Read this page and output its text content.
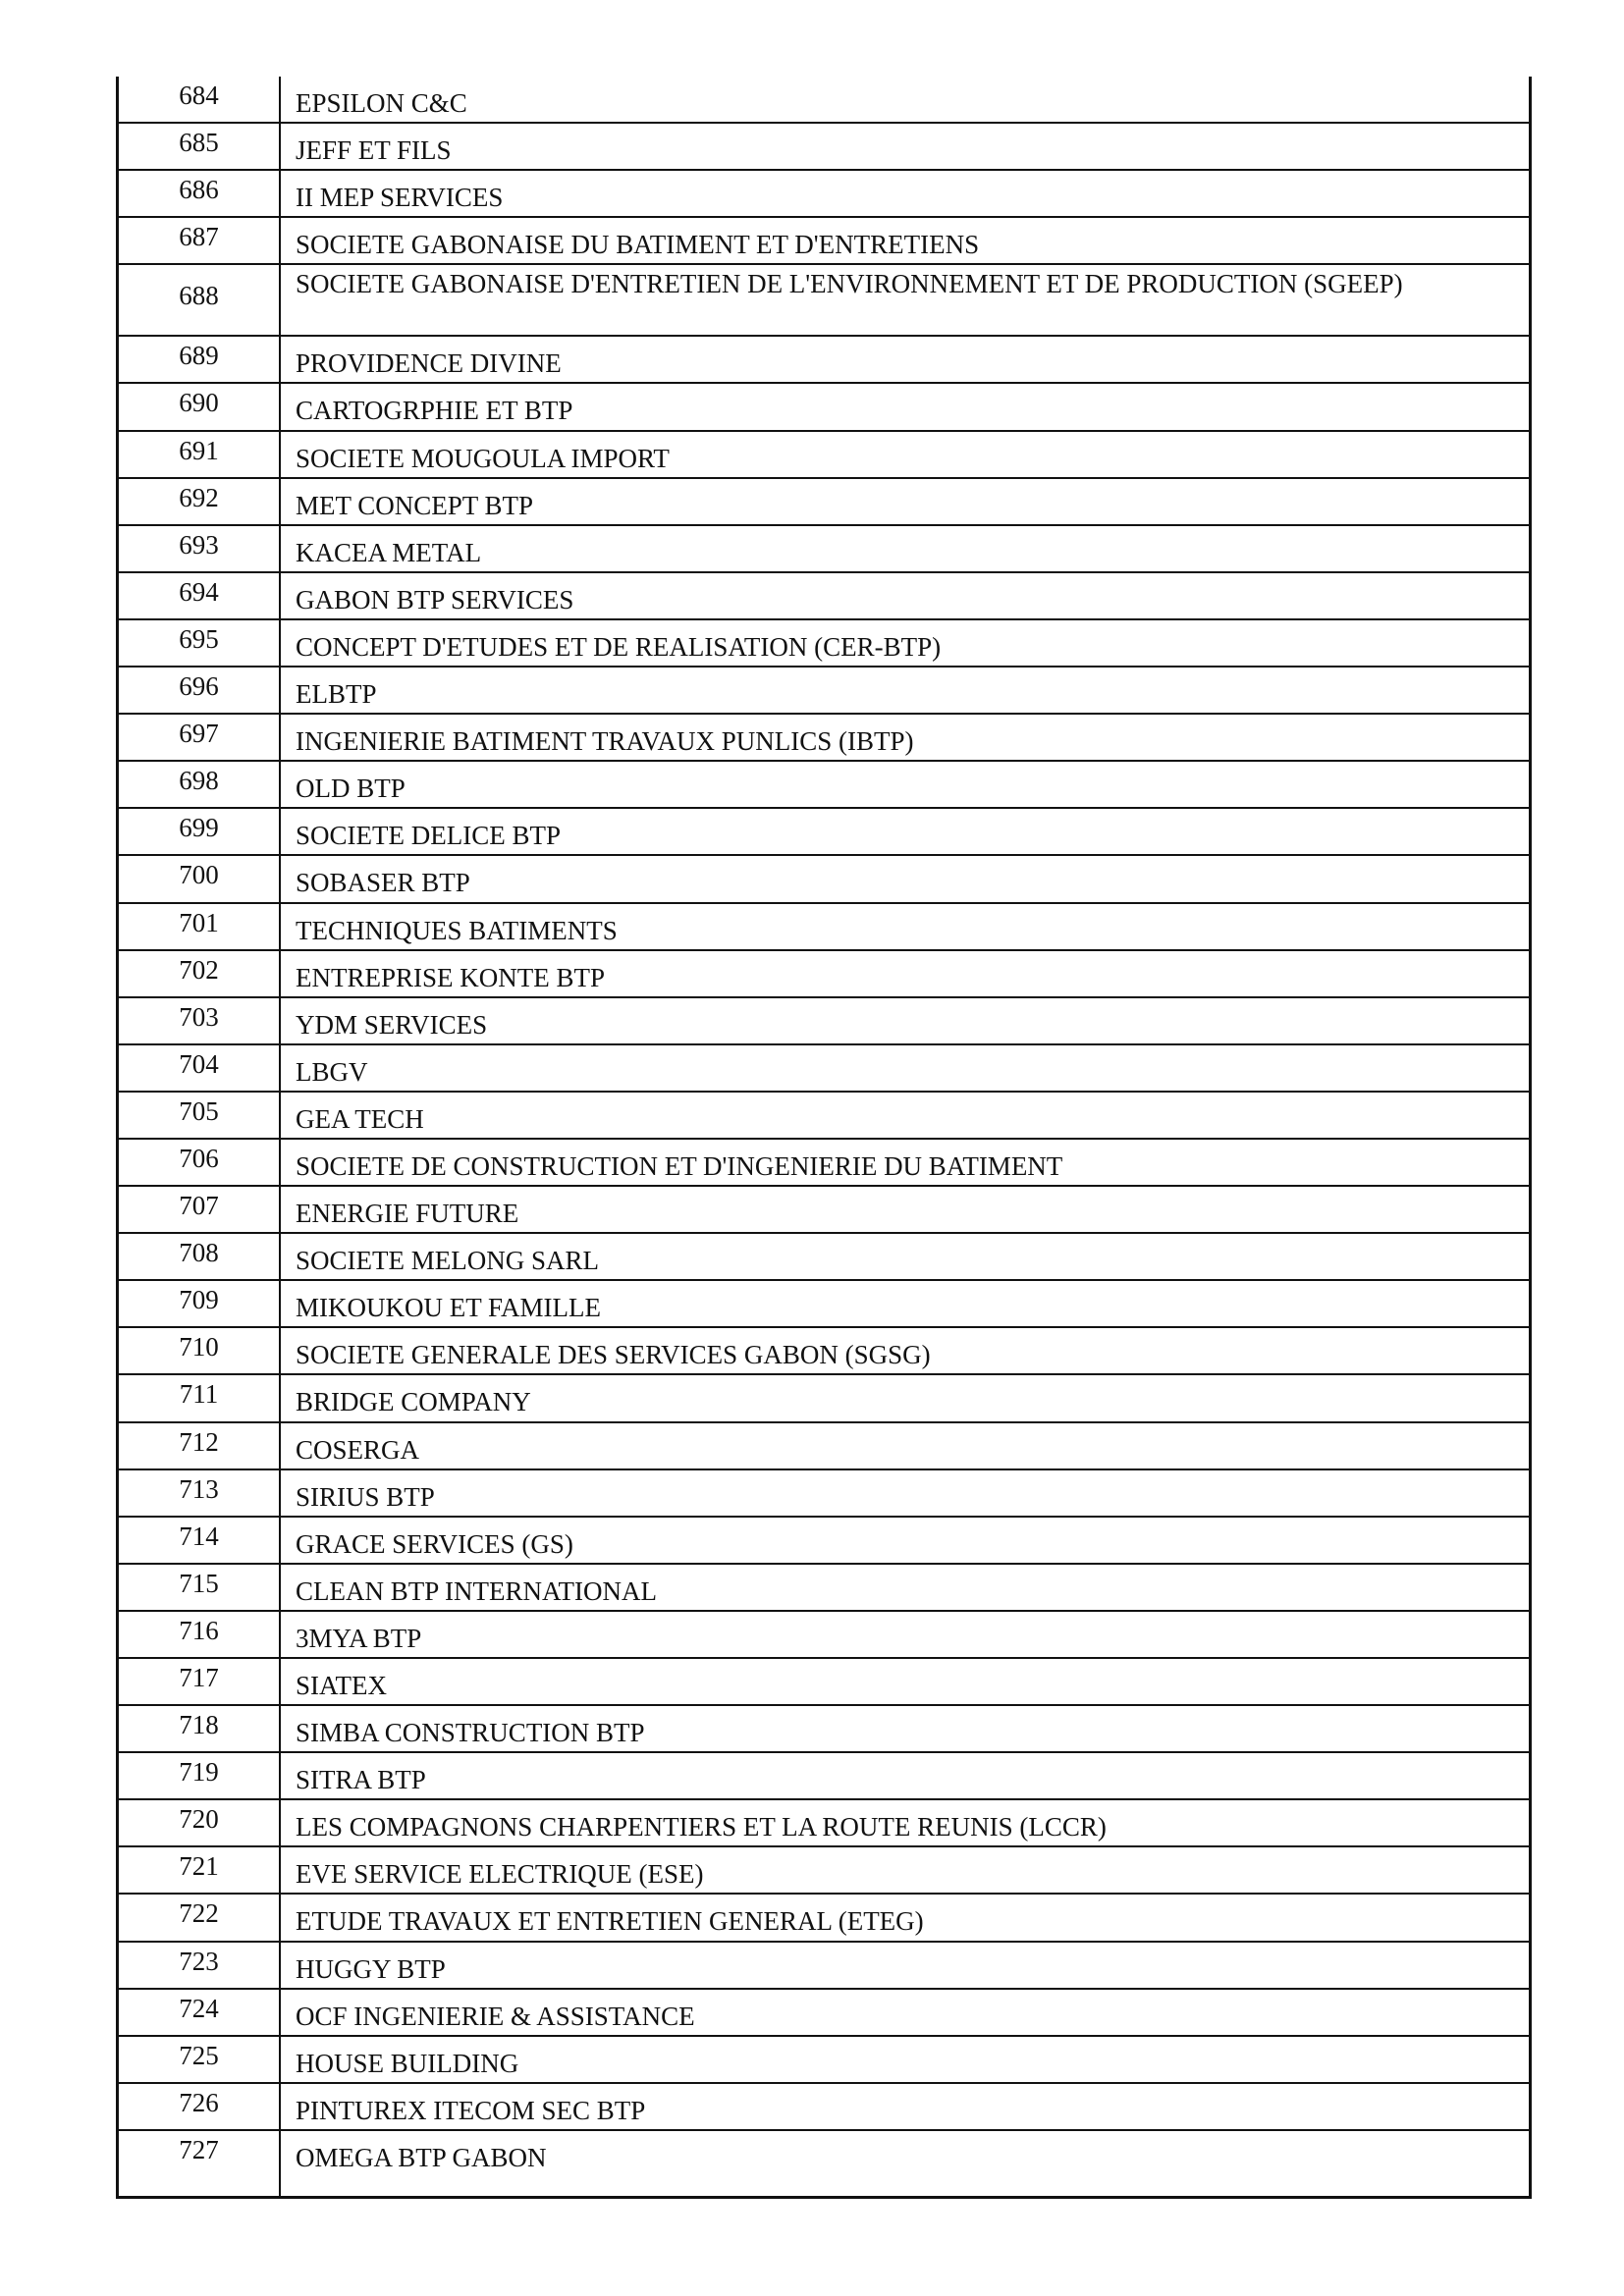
684	EPSILON C&C
685	JEFF ET FILS
686	II MEP SERVICES
687	SOCIETE GABONAISE DU BATIMENT ET D'ENTRETIENS
688	SOCIETE GABONAISE D'ENTRETIEN DE L'ENVIRONNEMENT ET DE PRODUCTION (SGEEP)
689	PROVIDENCE DIVINE
690	CARTOGRPHIE ET BTP
691	SOCIETE MOUGOULA IMPORT
692	MET CONCEPT BTP
693	KACEA METAL
694	GABON BTP SERVICES
695	CONCEPT D'ETUDES ET DE REALISATION (CER-BTP)
696	ELBTP
697	INGENIERIE BATIMENT TRAVAUX PUNLICS (IBTP)
698	OLD BTP
699	SOCIETE DELICE BTP
700	SOBASER BTP
701	TECHNIQUES BATIMENTS
702	ENTREPRISE KONTE BTP
703	YDM SERVICES
704	LBGV
705	GEA TECH
706	SOCIETE DE CONSTRUCTION ET D'INGENIERIE DU BATIMENT
707	ENERGIE FUTURE
708	SOCIETE MELONG SARL
709	MIKOUKOU ET FAMILLE
710	SOCIETE GENERALE DES SERVICES GABON (SGSG)
711	BRIDGE COMPANY
712	COSERGA
713	SIRIUS BTP
714	GRACE SERVICES (GS)
715	CLEAN BTP INTERNATIONAL
716	3MYA BTP
717	SIATEX
718	SIMBA CONSTRUCTION BTP
719	SITRA BTP
720	LES COMPAGNONS CHARPENTIERS ET LA ROUTE REUNIS (LCCR)
721	EVE SERVICE ELECTRIQUE (ESE)
722	ETUDE TRAVAUX ET ENTRETIEN GENERAL (ETEG)
723	HUGGY BTP
724	OCF INGENIERIE & ASSISTANCE
725	HOUSE BUILDING
726	PINTUREX ITECOM SEC BTP
727	OMEGA BTP GABON
